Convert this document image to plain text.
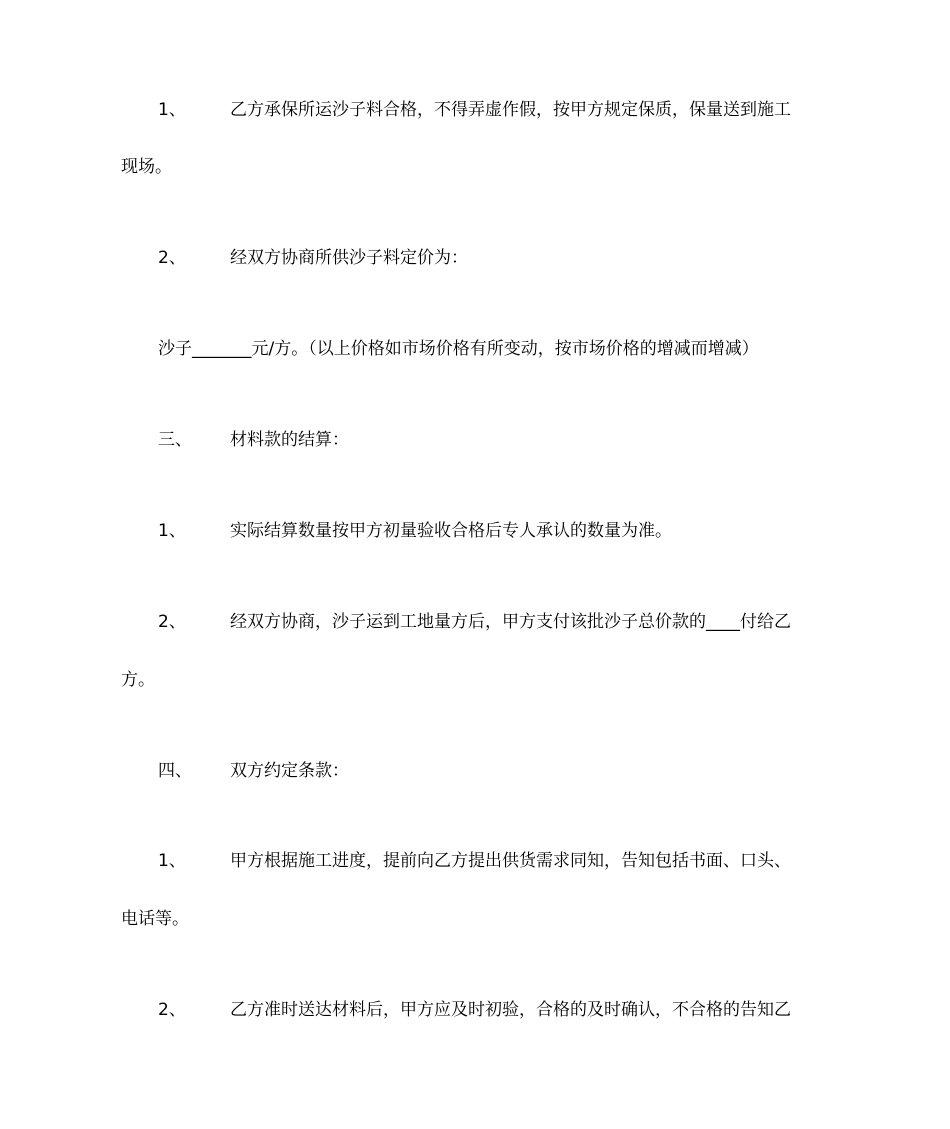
1、	乙方承保所运沙子料合格，不得弄虚作假，按甲方规定保质，保量送到施工
现场。
2、	经双方协商所供沙子料定价为：
沙子_______元/方。（以上价格如市场价格有所变动，按市场价格的增减而增减）
三、 材料款的结算：
1、	实际结算数量按甲方初量验收合格后专人承认的数量为准。
2、	经双方协商，沙子运到工地量方后，甲方支付该批沙子总价款的____付给乙
方。
四、 双方约定条款：
1、	甲方根据施工进度，提前向乙方提出供货需求同知，告知包括书面、口头、
电话等。
2、	乙方准时送达材料后，甲方应及时初验，合格的及时确认，不合格的告知乙
